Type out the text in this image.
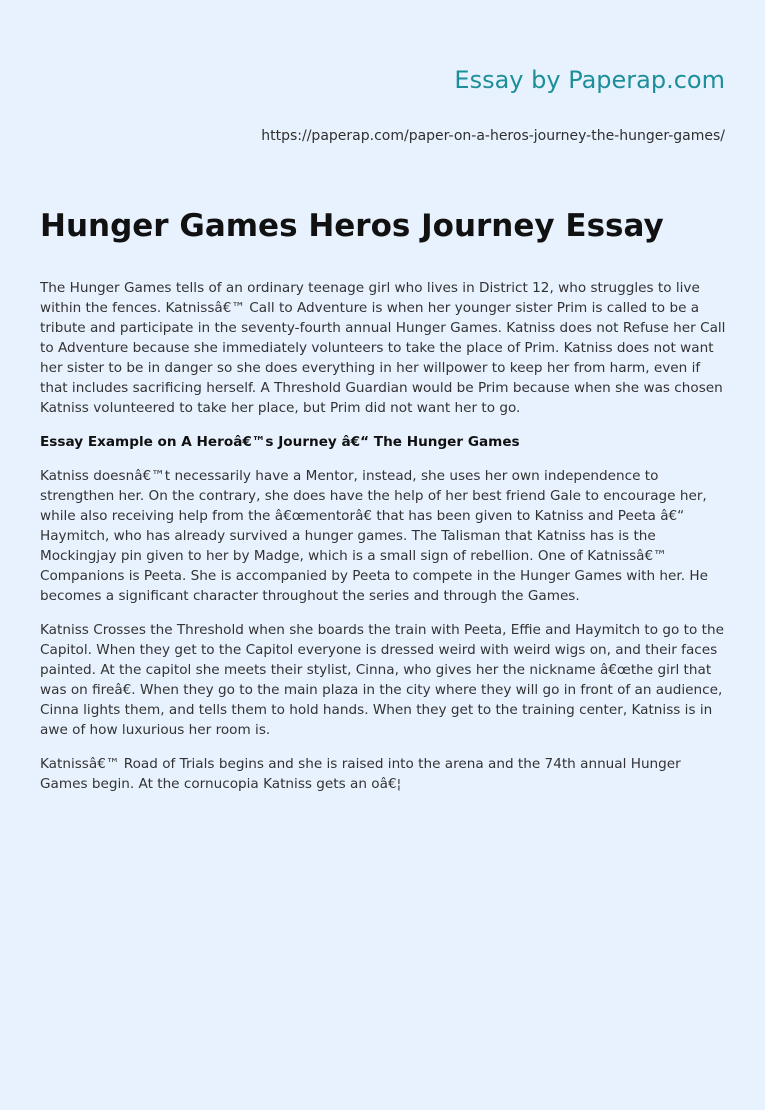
Essay by Paperap.com
https://paperap.com/paper-on-a-heros-journey-the-hunger-games/
Hunger Games Heros Journey Essay

The Hunger Games tells of an ordinary teenage girl who lives in District 12, who struggles to live within the fences. Katnissâ€™ Call to Adventure is when her younger sister Prim is called to be a tribute and participate in the seventy-fourth annual Hunger Games. Katniss does not Refuse her Call to Adventure because she immediately volunteers to take the place of Prim. Katniss does not want her sister to be in danger so she does everything in her willpower to keep her from harm, even if that includes sacrificing herself. A Threshold Guardian would be Prim because when she was chosen Katniss volunteered to take her place, but Prim did not want her to go.

Essay Example on A Heroâ€™s Journey â€“ The Hunger Games

Katniss doesnâ€™t necessarily have a Mentor, instead, she uses her own independence to strengthen her. On the contrary, she does have the help of her best friend Gale to encourage her, while also receiving help from the â€œmentorâ€ that has been given to Katniss and Peeta â€“ Haymitch, who has already survived a hunger games. The Talisman that Katniss has is the Mockingjay pin given to her by Madge, which is a small sign of rebellion. One of Katnissâ€™ Companions is Peeta. She is accompanied by Peeta to compete in the Hunger Games with her. He becomes a significant character throughout the series and through the Games.

Katniss Crosses the Threshold when she boards the train with Peeta, Effie and Haymitch to go to the Capitol. When they get to the Capitol everyone is dressed weird with weird wigs on, and their faces painted. At the capitol she meets their stylist, Cinna, who gives her the nickname â€œthe girl that was on fireâ€. When they go to the main plaza in the city where they will go in front of an audience, Cinna lights them, and tells them to hold hands. When they get to the training center, Katniss is in awe of how luxurious her room is.

Katnissâ€™ Road of Trials begins and she is raised into the arena and the 74th annual Hunger Games begin. At the cornucopia Katniss gets an oâ€¦
